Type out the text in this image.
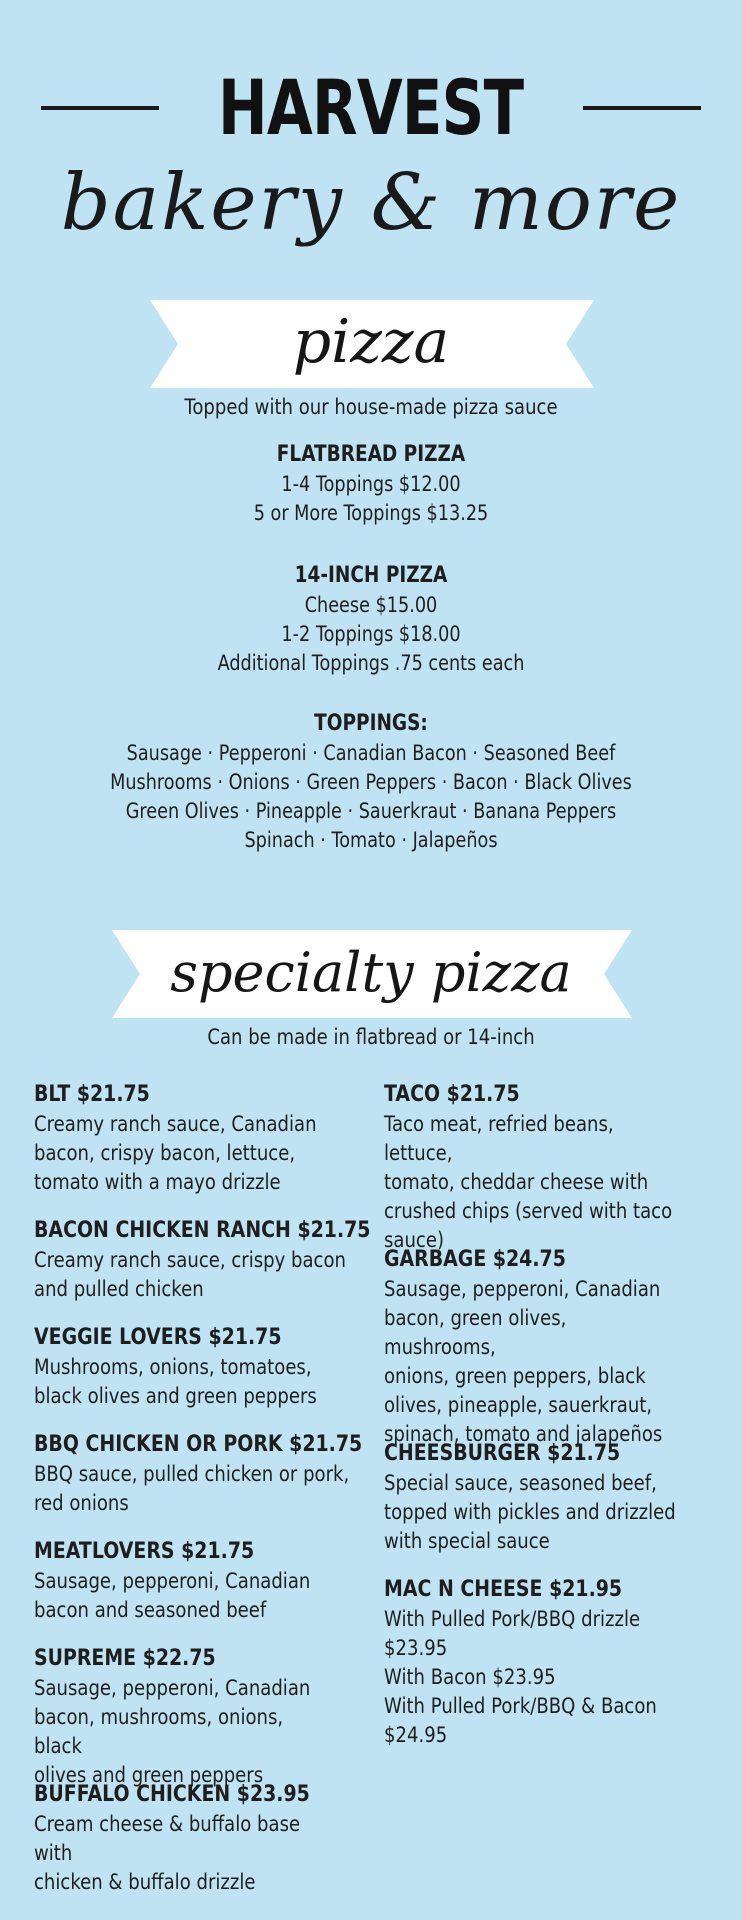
HARVEST
bakery & more
pizza
Topped with our house-made pizza sauce
FLATBREAD PIZZA
1-4 Toppings $12.00
5 or More Toppings $13.25
14-INCH PIZZA
Cheese $15.00
1-2 Toppings $18.00
Additional Toppings .75 cents each
TOPPINGS:
Sausage · Pepperoni · Canadian Bacon · Seasoned Beef
Mushrooms · Onions · Green Peppers · Bacon · Black Olives
Green Olives · Pineapple · Sauerkraut · Banana Peppers
Spinach · Tomato · Jalapeños
specialty pizza
Can be made in flatbread or 14-inch
BLT $21.75
Creamy ranch sauce, Canadian
bacon, crispy bacon, lettuce,
tomato with a mayo drizzle
BACON CHICKEN RANCH $21.75
Creamy ranch sauce, crispy bacon
and pulled chicken
VEGGIE LOVERS $21.75
Mushrooms, onions, tomatoes,
black olives and green peppers
BBQ CHICKEN OR PORK $21.75
BBQ sauce, pulled chicken or pork,
red onions
MEATLOVERS $21.75
Sausage, pepperoni, Canadian
bacon and seasoned beef
SUPREME $22.75
Sausage, pepperoni, Canadian
bacon, mushrooms, onions, black
olives and green peppers
BUFFALO CHICKEN $23.95
Cream cheese & buffalo base with
chicken & buffalo drizzle
TACO $21.75
Taco meat, refried beans, lettuce,
tomato, cheddar cheese with
crushed chips (served with taco
sauce)
GARBAGE $24.75
Sausage, pepperoni, Canadian
bacon, green olives, mushrooms,
onions, green peppers, black
olives, pineapple, sauerkraut,
spinach, tomato and jalapeños
CHEESBURGER $21.75
Special sauce, seasoned beef,
topped with pickles and drizzled
with special sauce
MAC N CHEESE $21.95
With Pulled Pork/BBQ drizzle $23.95
With Bacon $23.95
With Pulled Pork/BBQ & Bacon
$24.95
